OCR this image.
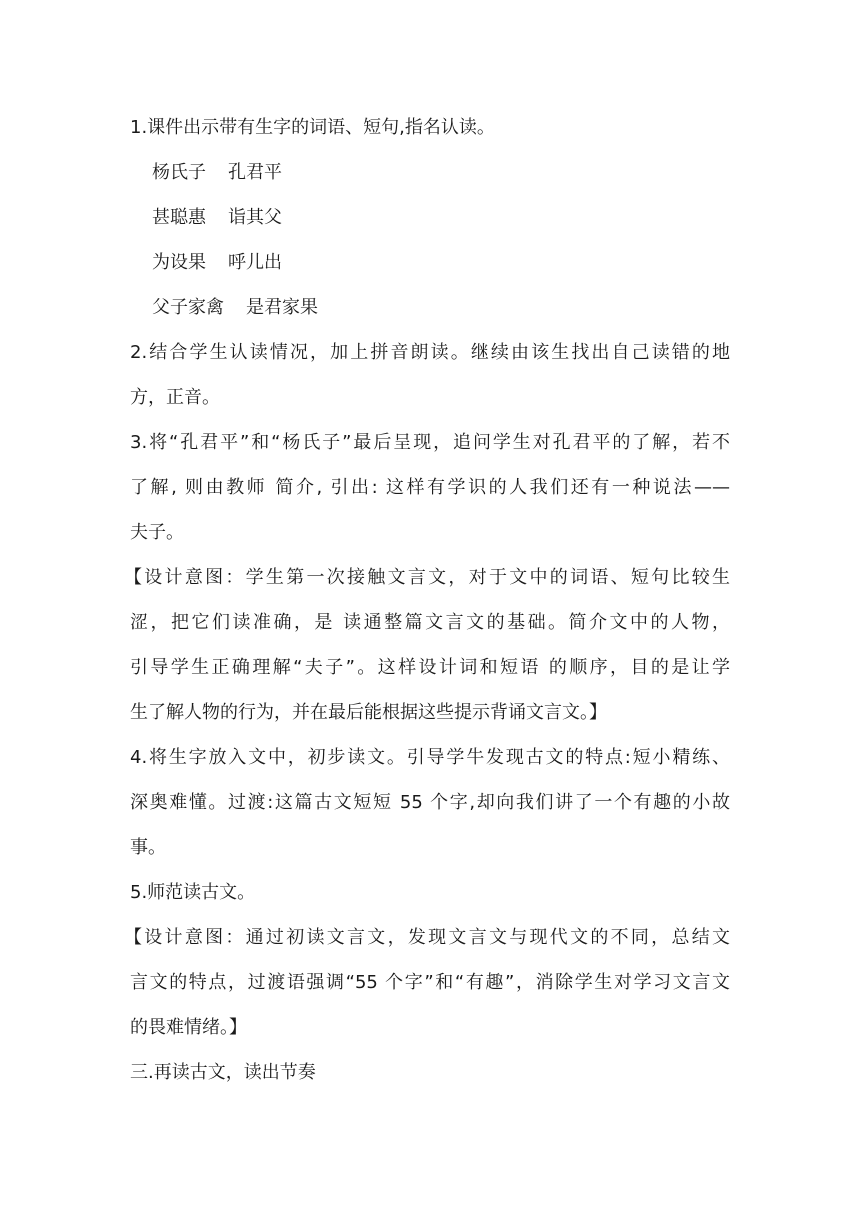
1.课件出示带有生字的词语、短句,指名认读。
杨氏子 孔君平
甚聪惠 诣其父
为设果 呼儿出
父子家禽 是君家果
2.结合学生认读情况，加上拼音朗读。继续由该生找出自己读错的地
方，正音。
3.将“孔君平”和“杨氏子”最后呈现，追问学生对孔君平的了解，若不
了解, 则由教师 简介, 引出: 这样有学识的人我们还有一种说法——
夫子。
【设计意图：学生第一次接触文言文，对于文中的词语、短句比较生
涩，把它们读准确，是 读通整篇文言文的基础。简介文中的人物，
引导学生正确理解“夫子”。这样设计词和短语 的顺序，目的是让学
生了解人物的行为，并在最后能根据这些提示背诵文言文。】
4.将生字放入文中，初步读文。引导学牛发现古文的特点:短小精练、
深奥难懂。过渡:这篇古文短短 55 个字,却向我们讲了一个有趣的小故
事。
5.师范读古文。
【设计意图：通过初读文言文，发现文言文与现代文的不同，总结文
言文的特点，过渡语强调“55 个字”和“有趣”，消除学生对学习文言文
的畏难情绪。】
三.再读古文，读出节奏
